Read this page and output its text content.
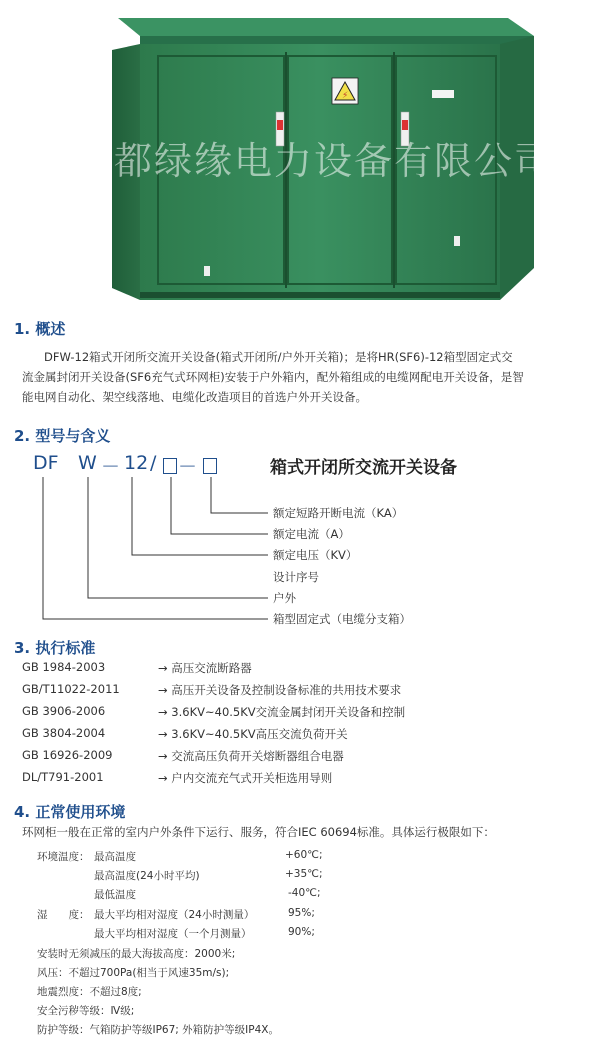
⚡
成都绿缘电力设备有限公司
1. 概述
DFW-12箱式开闭所交流开关设备(箱式开闭所/户外开关箱)；是将HR(SF6)-12箱型固定式交
流金属封闭开关设备(SF6充气式环网柜)安装于户外箱内，配外箱组成的电缆网配电开关设备，是智
能电网自动化、架空线落地、电缆化改造项目的首选户外开关设备。
2. 型号与含义
DF W － 12 / －	箱式开闭所交流开关设备
额定短路开断电流（KA）
额定电流（A）
额定电压（KV）
设计序号
户外
箱型固定式（电缆分支箱）
3. 执行标准
GB 1984-2003	→ 高压交流断路器
GB/T11022-2011	→ 高压开关设备及控制设备标准的共用技术要求
GB 3906-2006	→ 3.6KV~40.5KV交流金属封闭开关设备和控制
GB 3804-2004	→ 3.6KV~40.5KV高压交流负荷开关
GB 16926-2009	→ 交流高压负荷开关熔断器组合电器
DL/T791-2001	→ 户内交流充气式开关柜选用导则
4. 正常使用环境
环网柜一般在正常的室内户外条件下运行、服务，符合IEC 60694标准。具体运行极限如下：
环境温度： 最高温度	+60℃;
最高温度(24小时平均)	+35℃;
最低温度	-40℃;
湿　　度： 最大平均相对湿度（24小时测量）	95%;
最大平均相对湿度（一个月测量）	90%;
安装时无须减压的最大海拔高度：2000米;
风压：不超过700Pa(相当于风速35m/s);
地震烈度：不超过8度;
安全污秽等级：Ⅳ级;
防护等级：气箱防护等级IP67; 外箱防护等级IP4X。
